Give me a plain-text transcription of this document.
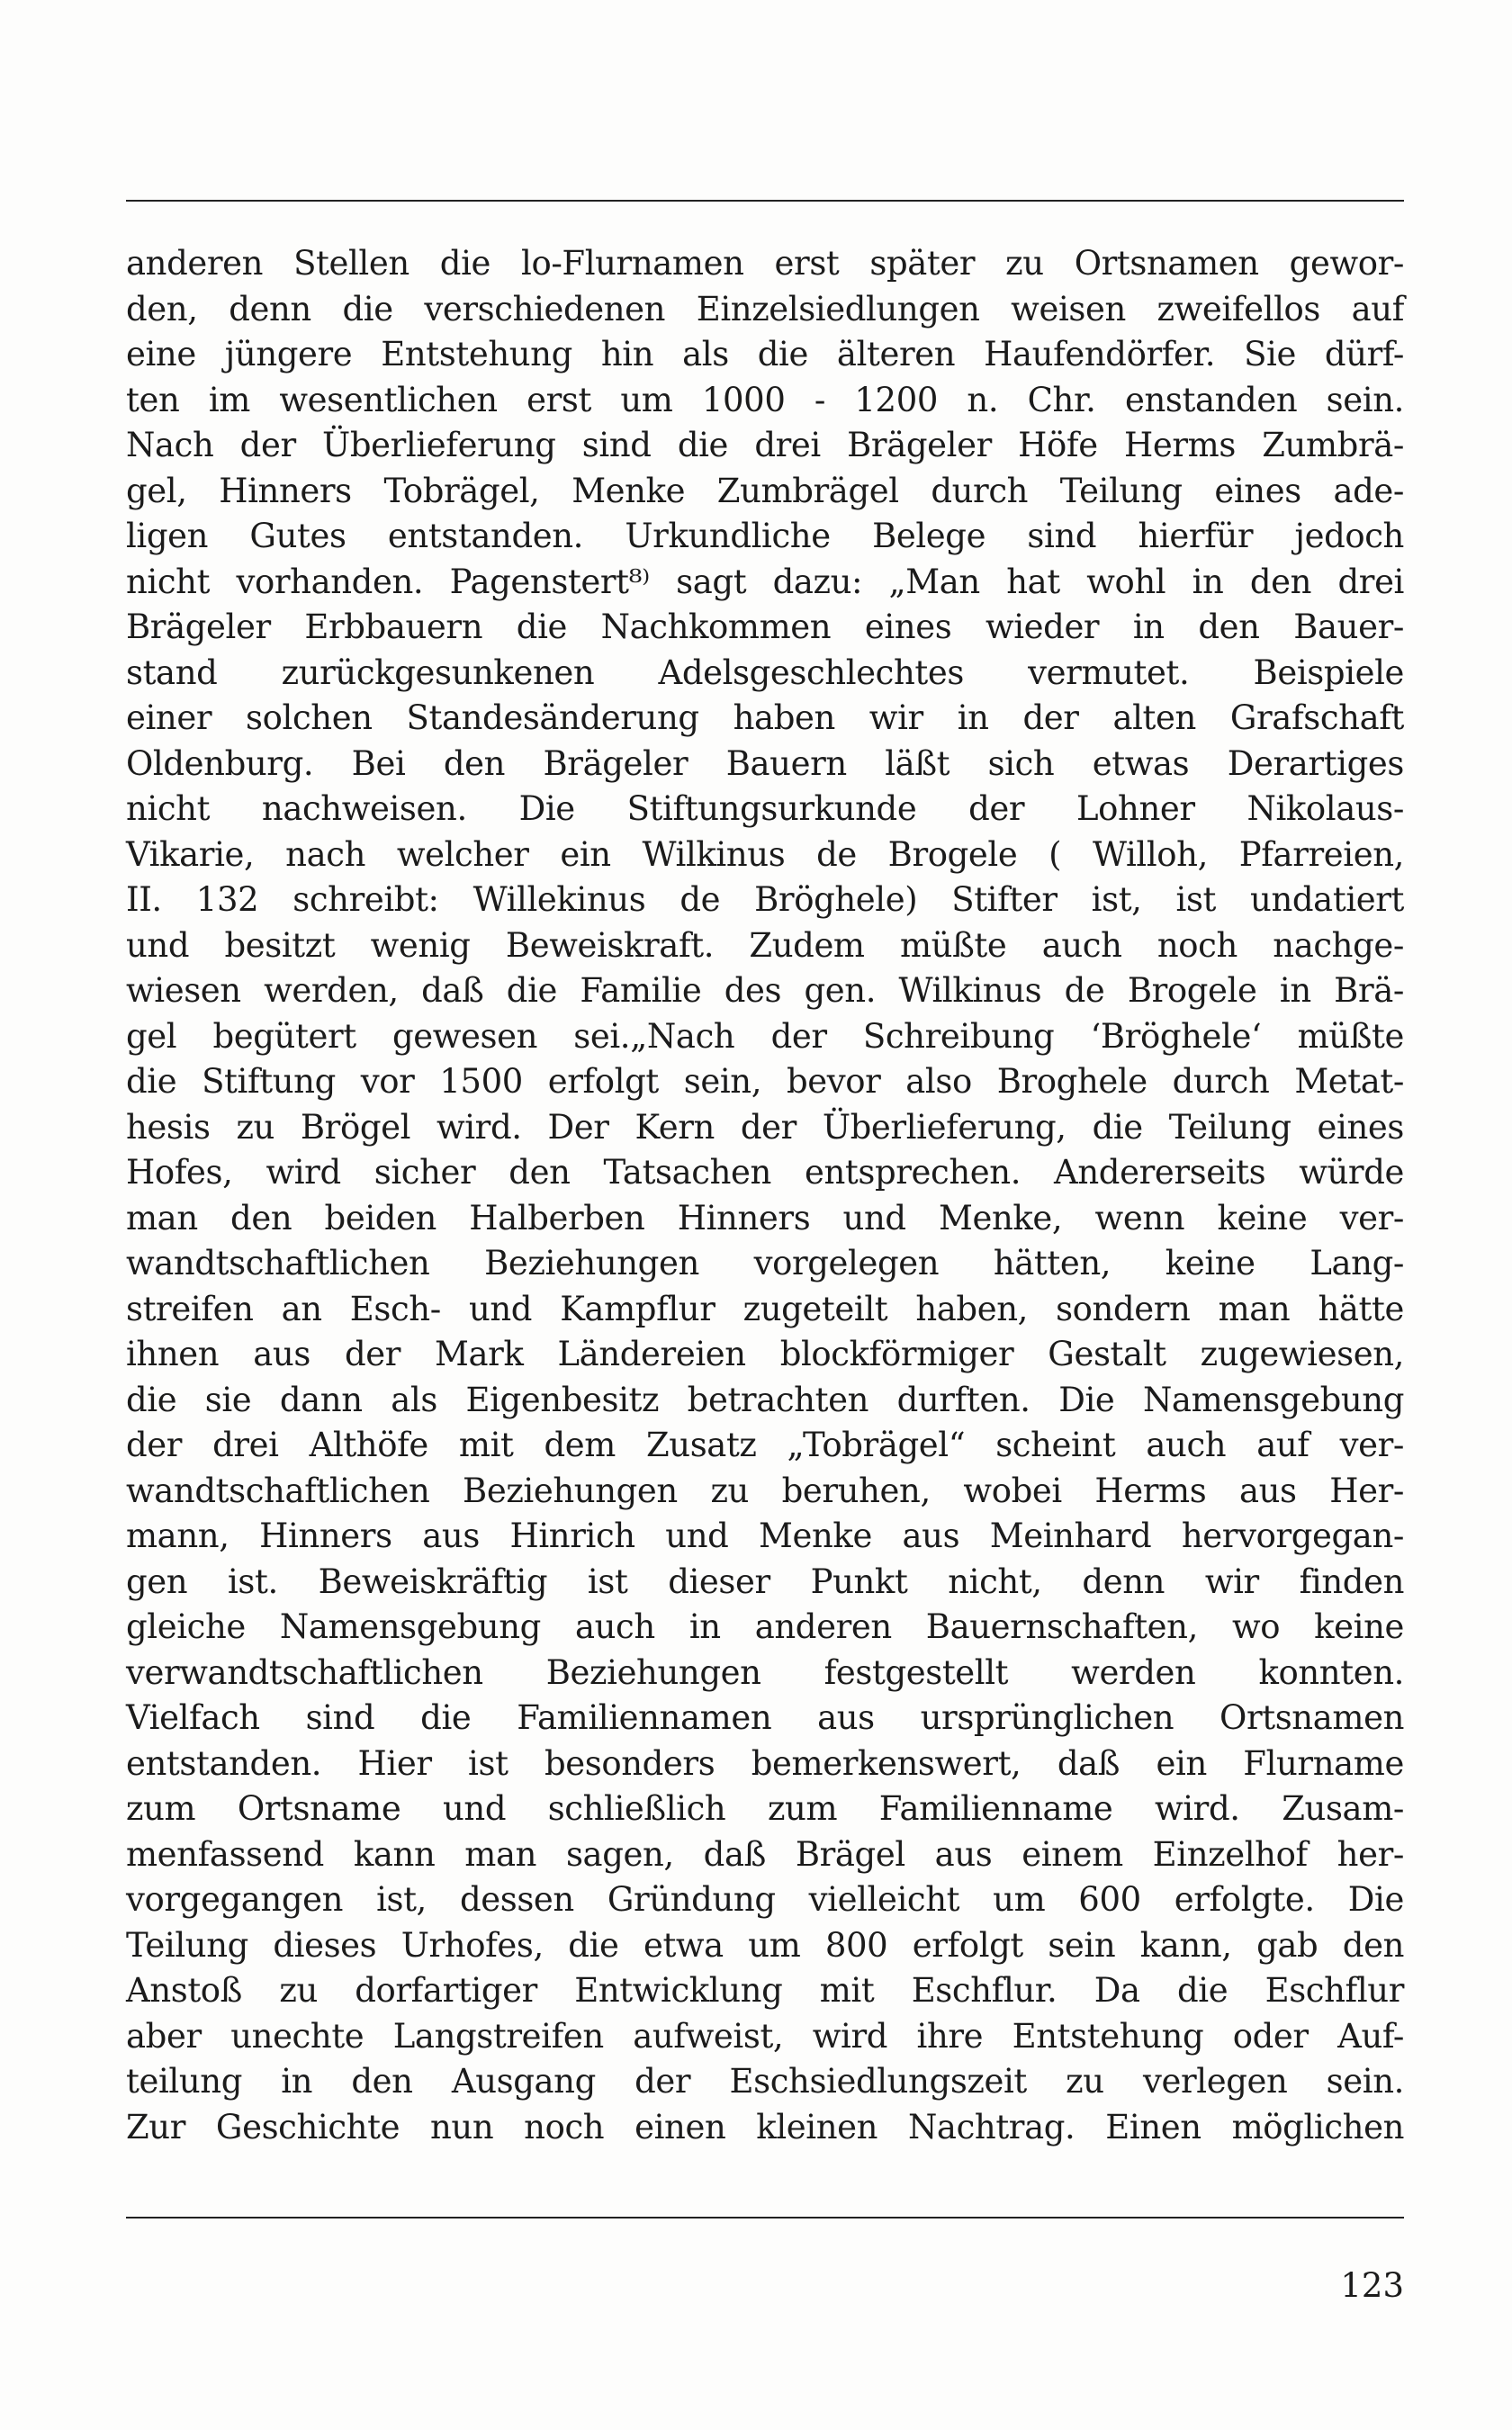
anderen Stellen die lo-Flurnamen erst später zu Ortsnamen gewor-
den, denn die verschiedenen Einzelsiedlungen weisen zweifellos auf
eine jüngere Entstehung hin als die älteren Haufendörfer. Sie dürf-
ten im wesentlichen erst um 1000 - 1200 n. Chr. enstanden sein.
Nach der Überlieferung sind die drei Brägeler Höfe Herms Zumbrä-
gel, Hinners Tobrägel, Menke Zumbrägel durch Teilung eines ade-
ligen Gutes entstanden. Urkundliche Belege sind hierfür jedoch
nicht vorhanden. Pagenstert⁸⁾ sagt dazu: „Man hat wohl in den drei
Brägeler Erbbauern die Nachkommen eines wieder in den Bauer-
stand zurückgesunkenen Adelsgeschlechtes vermutet. Beispiele
einer solchen Standesänderung haben wir in der alten Grafschaft
Oldenburg. Bei den Brägeler Bauern läßt sich etwas Derartiges
nicht nachweisen. Die Stiftungsurkunde der Lohner Nikolaus-
Vikarie, nach welcher ein Wilkinus de Brogele ( Willoh, Pfarreien,
II. 132 schreibt: Willekinus de Bröghele) Stifter ist, ist undatiert
und besitzt wenig Beweiskraft. Zudem müßte auch noch nachge-
wiesen werden, daß die Familie des gen. Wilkinus de Brogele in Brä-
gel begütert gewesen sei.„Nach der Schreibung ‘Bröghele‘ müßte
die Stiftung vor 1500 erfolgt sein, bevor also Broghele durch Metat-
hesis zu Brögel wird. Der Kern der Überlieferung, die Teilung eines
Hofes, wird sicher den Tatsachen entsprechen. Andererseits würde
man den beiden Halberben Hinners und Menke, wenn keine ver-
wandtschaftlichen Beziehungen vorgelegen hätten, keine Lang-
streifen an Esch- und Kampflur zugeteilt haben, sondern man hätte
ihnen aus der Mark Ländereien blockförmiger Gestalt zugewiesen,
die sie dann als Eigenbesitz betrachten durften. Die Namensgebung
der drei Althöfe mit dem Zusatz „Tobrägel“ scheint auch auf ver-
wandtschaftlichen Beziehungen zu beruhen, wobei Herms aus Her-
mann, Hinners aus Hinrich und Menke aus Meinhard hervorgegan-
gen ist. Beweiskräftig ist dieser Punkt nicht, denn wir finden
gleiche Namensgebung auch in anderen Bauernschaften, wo keine
verwandtschaftlichen Beziehungen festgestellt werden konnten.
Vielfach sind die Familiennamen aus ursprünglichen Ortsnamen
entstanden. Hier ist besonders bemerkenswert, daß ein Flurname
zum Ortsname und schließlich zum Familienname wird. Zusam-
menfassend kann man sagen, daß Brägel aus einem Einzelhof her-
vorgegangen ist, dessen Gründung vielleicht um 600 erfolgte. Die
Teilung dieses Urhofes, die etwa um 800 erfolgt sein kann, gab den
Anstoß zu dorfartiger Entwicklung mit Eschflur. Da die Eschflur
aber unechte Langstreifen aufweist, wird ihre Entstehung oder Auf-
teilung in den Ausgang der Eschsiedlungszeit zu verlegen sein.
Zur Geschichte nun noch einen kleinen Nachtrag. Einen möglichen
123
